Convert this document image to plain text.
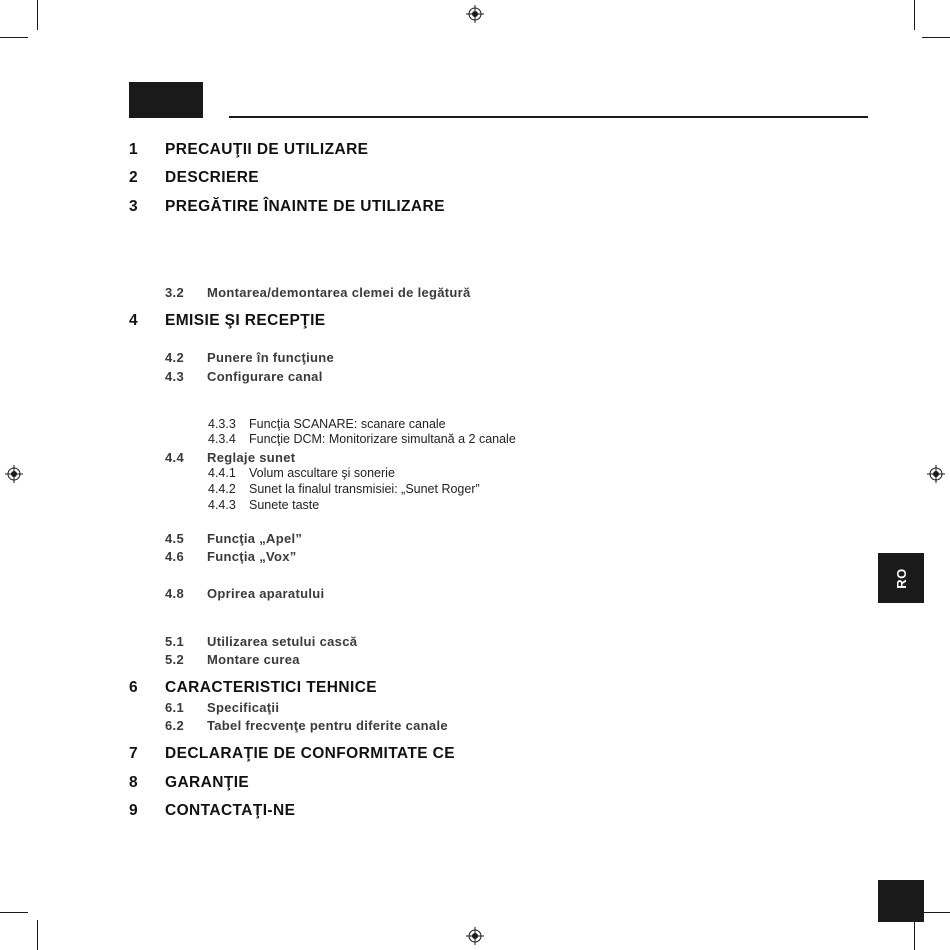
RO
1 PRECAUŢII DE UTILIZARE
2 DESCRIERE
3 PREGĂTIRE ÎNAINTE DE UTILIZARE
3.2 Montarea/demontarea clemei de legătură
4 EMISIE ŞI RECEPŢIE
4.2 Punere în funcţiune
4.3 Configurare canal
4.3.3 Funcţia SCANARE: scanare canale
4.3.4 Funcţie DCM: Monitorizare simultană a 2 canale
4.4 Reglaje sunet
4.4.1 Volum ascultare şi sonerie
4.4.2 Sunet la finalul transmisiei: „Sunet Roger”
4.4.3 Sunete taste
4.5 Funcţia „Apel”
4.6 Funcţia „Vox”
4.8 Oprirea aparatului
5.1 Utilizarea setului cască
5.2 Montare curea
6 CARACTERISTICI TEHNICE
6.1 Specificaţii
6.2 Tabel frecvenţe pentru diferite canale
7 DECLARAŢIE DE CONFORMITATE CE
8 GARANŢIE
9 CONTACTAŢI-NE
